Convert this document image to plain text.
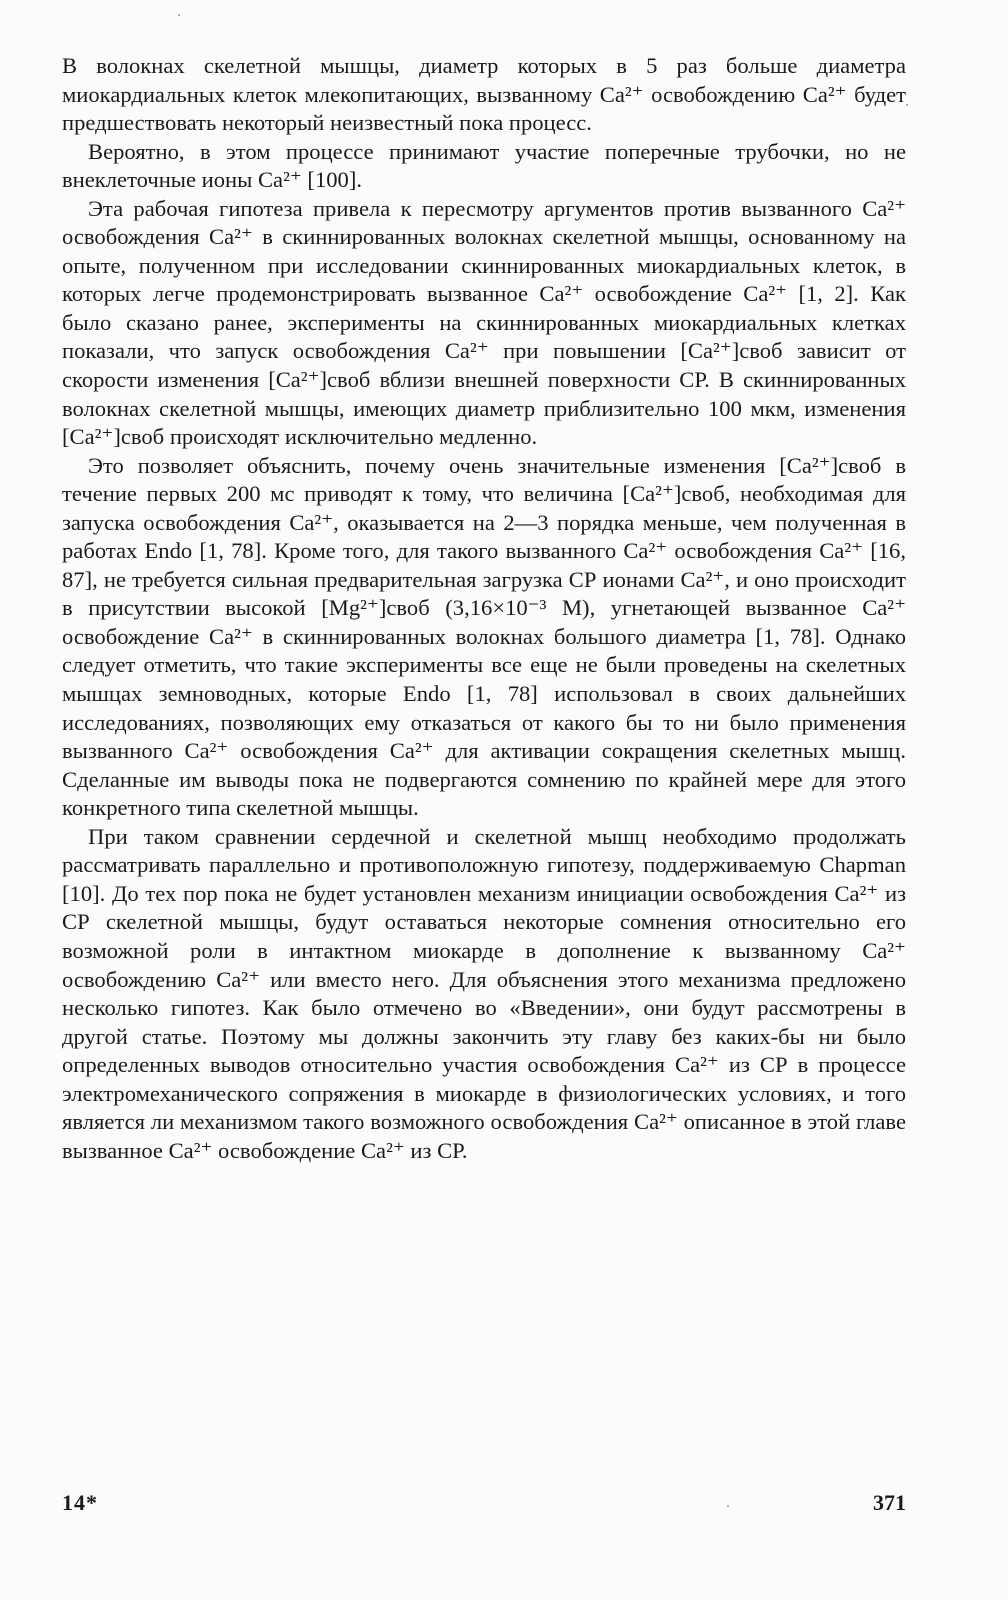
В волокнах скелетной мышцы, диаметр которых в 5 раз больше диаметра миокардиальных клеток млекопитающих, вызванному Ca²⁺ освобождению Ca²⁺ будет предшествовать некоторый неизвестный пока процесс.

Вероятно, в этом процессе принимают участие поперечные трубочки, но не внеклеточные ионы Ca²⁺ [100].

Эта рабочая гипотеза привела к пересмотру аргументов против вызванного Ca²⁺ освобождения Ca²⁺ в скиннированных волокнах скелетной мышцы, основанному на опыте, полученном при исследовании скиннированных миокардиальных клеток, в которых легче продемонстрировать вызванное Ca²⁺ освобождение Ca²⁺ [1, 2]. Как было сказано ранее, эксперименты на скиннированных миокардиальных клетках показали, что запуск освобождения Ca²⁺ при повышении [Ca²⁺]своб зависит от скорости изменения [Ca²⁺]своб вблизи внешней поверхности СР. В скиннированных волокнах скелетной мышцы, имеющих диаметр приблизительно 100 мкм, изменения [Ca²⁺]своб происходят исключительно медленно.

Это позволяет объяснить, почему очень значительные изменения [Ca²⁺]своб в течение первых 200 мс приводят к тому, что величина [Ca²⁺]своб, необходимая для запуска освобождения Ca²⁺, оказывается на 2—3 порядка меньше, чем полученная в работах Endo [1, 78]. Кроме того, для такого вызванного Ca²⁺ освобождения Ca²⁺ [16, 87], не требуется сильная предварительная загрузка СР ионами Ca²⁺, и оно происходит в присутствии высокой [Mg²⁺]своб (3,16×10⁻³ М), угнетающей вызванное Ca²⁺ освобождение Ca²⁺ в скиннированных волокнах большого диаметра [1, 78]. Однако следует отметить, что такие эксперименты все еще не были проведены на скелетных мышцах земноводных, которые Endo [1, 78] использовал в своих дальнейших исследованиях, позволяющих ему отказаться от какого бы то ни было применения вызванного Ca²⁺ освобождения Ca²⁺ для активации сокращения скелетных мышц. Сделанные им выводы пока не подвергаются сомнению по крайней мере для этого конкретного типа скелетной мышцы.

При таком сравнении сердечной и скелетной мышц необходимо продолжать рассматривать параллельно и противоположную гипотезу, поддерживаемую Chapman [10]. До тех пор пока не будет установлен механизм инициации освобождения Ca²⁺ из СР скелетной мышцы, будут оставаться некоторые сомнения относительно его возможной роли в интактном миокарде в дополнение к вызванному Ca²⁺ освобождению Ca²⁺ или вместо него. Для объяснения этого механизма предложено несколько гипотез. Как было отмечено во «Введении», они будут рассмотрены в другой статье. Поэтому мы должны закончить эту главу без каких-бы ни было определенных выводов относительно участия освобождения Ca²⁺ из СР в процессе электромеханического сопряжения в миокарде в физиологических условиях, и того является ли механизмом такого возможного освобождения Ca²⁺ описанное в этой главе вызванное Ca²⁺ освобождение Ca²⁺ из СР.

14*	371
